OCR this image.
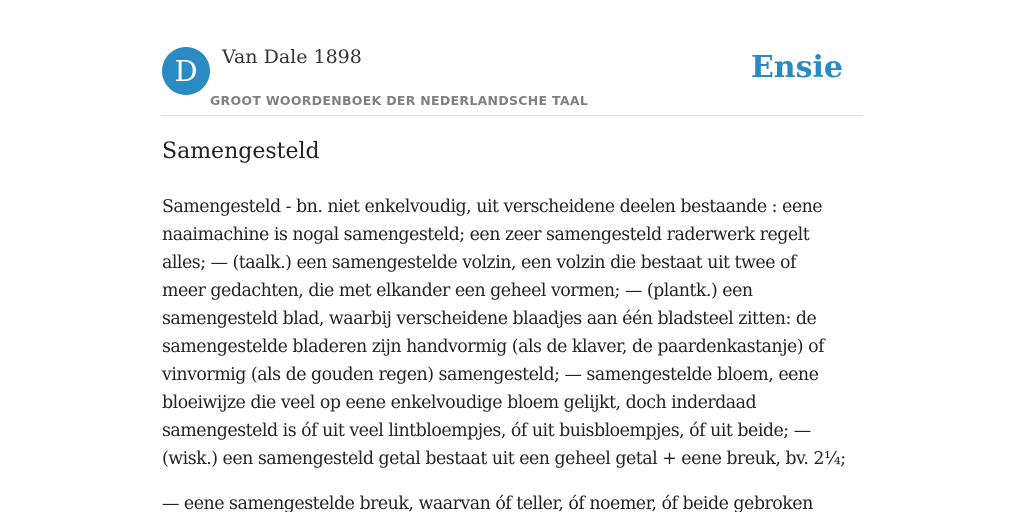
D	Van Dale 1898
GROOT WOORDENBOEK DER NEDERLANDSCHE TAAL
Ensie
Samengesteld

Samengesteld - bn. niet enkelvoudig, uit verscheidene deelen bestaande : eene
naaimachine is nogal samengesteld; een zeer samengesteld raderwerk regelt
alles; — (taalk.) een samengestelde volzin, een volzin die bestaat uit twee of
meer gedachten, die met elkander een geheel vormen; — (plantk.) een
samengesteld blad, waarbij verscheidene blaadjes aan één bladsteel zitten: de
samengestelde bladeren zijn handvormig (als de klaver, de paardenkastanje) of
vinvormig (als de gouden regen) samengesteld; — samengestelde bloem, eene
bloeiwijze die veel op eene enkelvoudige bloem gelijkt, doch inderdaad
samengesteld is óf uit veel lintbloempjes, óf uit buisbloempjes, óf uit beide; —
(wisk.) een samengesteld getal bestaat uit een geheel getal + eene breuk, bv. 2¼;

— eene samengestelde breuk, waarvan óf teller, óf noemer, óf beide gebroken
